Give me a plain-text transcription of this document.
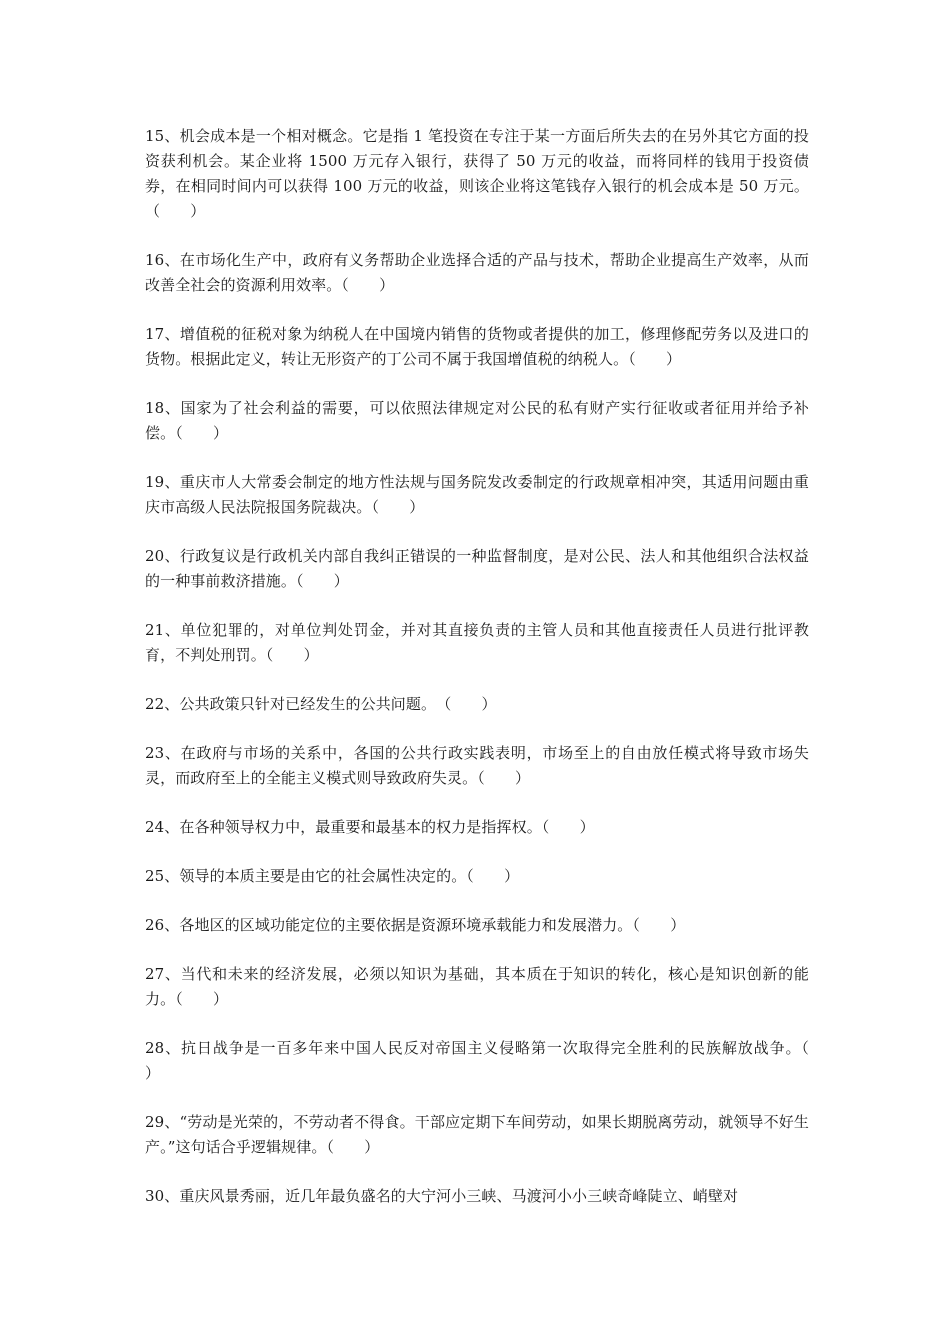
15、机会成本是一个相对概念。它是指 1 笔投资在专注于某一方面后所失去的在另外其它方面的投资获利机会。某企业将 1500 万元存入银行，获得了 50 万元的收益，而将同样的钱用于投资债券，在相同时间内可以获得 100 万元的收益，则该企业将这笔钱存入银行的机会成本是 50 万元。（　　）

16、在市场化生产中，政府有义务帮助企业选择合适的产品与技术，帮助企业提高生产效率，从而改善全社会的资源利用效率。（　　）

17、增值税的征税对象为纳税人在中国境内销售的货物或者提供的加工，修理修配劳务以及进口的货物。根据此定义，转让无形资产的丁公司不属于我国增值税的纳税人。（　　）

18、国家为了社会利益的需要，可以依照法律规定对公民的私有财产实行征收或者征用并给予补偿。（　　）

19、重庆市人大常委会制定的地方性法规与国务院发改委制定的行政规章相冲突，其适用问题由重庆市高级人民法院报国务院裁决。（　　）

20、行政复议是行政机关内部自我纠正错误的一种监督制度，是对公民、法人和其他组织合法权益的一种事前救济措施。（　　）

21、单位犯罪的，对单位判处罚金，并对其直接负责的主管人员和其他直接责任人员进行批评教育，不判处刑罚。（　　）

22、公共政策只针对已经发生的公共问题。　（　　）

23、在政府与市场的关系中，各国的公共行政实践表明，市场至上的自由放任模式将导致市场失灵，而政府至上的全能主义模式则导致政府失灵。（　　）

24、在各种领导权力中，最重要和最基本的权力是指挥权。（　　）

25、领导的本质主要是由它的社会属性决定的。（　　）

26、各地区的区域功能定位的主要依据是资源环境承载能力和发展潜力。（　　）

27、当代和未来的经济发展，必须以知识为基础，其本质在于知识的转化，核心是知识创新的能力。（　　）

28、抗日战争是一百多年来中国人民反对帝国主义侵略第一次取得完全胜利的民族解放战争。（　　）

29、“劳动是光荣的，不劳动者不得食。干部应定期下车间劳动，如果长期脱离劳动，就领导不好生产。”这句话合乎逻辑规律。（　　）

30、重庆风景秀丽，近几年最负盛名的大宁河小三峡、马渡河小小三峡奇峰陡立、峭壁对
